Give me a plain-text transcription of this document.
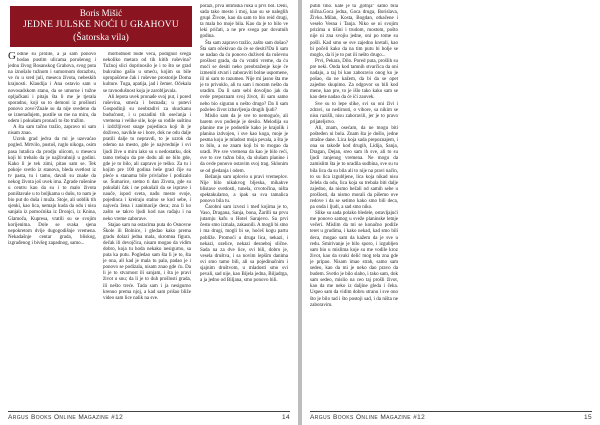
Boris Mišić
JEDNE JULSKE NOĆI U GRAHOVU
(Šatorska vila)

Godine su prolile, a ja sam ponovo hodao pustim ulicama porušenog i jednu živog Bosanskog Grahova, svog puta na iznošalo tužnom i sumornom dorazbru, ve ću u sred juli, meseca žívota, nebeskih krajnosti. Klaudija i Ana ostavio sam u novosadskom stanu, da se umorne i tužne opljačkani i pitaju šta li me je tjerala sporadno, koji su to demoni iz prošlosti ponovo zove?Znale su da nije svedeno da se iznenađujem, pustile su me na miru, da odem i pokušam pronaći to što tražim.

A šta sam tačno tražio, zapravo ni sam nisam znao.

Uzrok grad jedva da mi je uzevaćao pogled. Mrtvilo, pustoš, ruglo nikoga, osim pasa lutalica da prodju ulicom, u mesecu koji bi trebalo da je najživahniji u godini. Kako li je tek zimi, pitao sam se. Tek pokoje svetlo iz stanova, bleda svetlost iz tv pasta, tu i tamo, davali su znake da nekog života još uvek ima. Zgrade rušenine u centru kao da su i to malo života poništavale u to boljkama u dušu, to nam je bio put do duša i muža. Stoje, ali uoblik tih sjenki, kao lica, nemaju kuda da odu i nisu sanjala iz pomoćnika iz Dronjci, iz Knina, Glamoča, Kupresa, vratili su se svojim korijenima. Dole se svaka sjena nepokretom dvije dugogodišnje vremena. Nekadašnje centar grada, bliskog, izgrađenog i bivšeg zapadnog, samo...

morbidnost bude veća, podignut svega nekoliko metara od tih kitih ruševina?Tužnoj slici doprinosilo je i to što se grad bukvalno gašio u smeću, kojim su bile upropašćene čak i ruševne prostorije Doma kulture. Tuga, apatija, jad i čemer. Očekala se ravnodušnost koja je zarobljavala.

Ali lepota uvek pronađe svoj put, i pored ruševina, smeća i beznađa; u puteví Gospodinji su neobradivi za skuckanu budućnost, i u pozadini tih osećanja i vremena i velike sile, koje su rodile suštinu i izdržljivost snage pojedinca koji ih je doživeo, navikle se i bore, dok ne odu dalje pratili dalje tu nepravdi, to je uzrok da odemo na mesto, gde je najvrednije i svi ljudi žive u miru iako su u nedostatku, dok tamo trebaju da pre dodu ali ne bilo gde, gde je to bilo, ali zapravo je teško. Za tu i kojim pre 100 godina beše grad čije su pleće u stanama bile privlačne i podizalo se. Šumarice, sretno ti dan Zivota, gde su pokušali čak i ne pokušali da se isprave i nauče, ispod sveta, nađu mesto svoje, pojedinca i kreiraju stalno se kod sebe, i najveća žena i zanimacije deca; zna li ko zašto se takvo ljudi kod nas rađaju i na neko vreme zaborave.

Stajao sam na ostacima puta do Osnovne Škole ili Bolnice, i gledao kako prema gradu dolazi jedna mala, skromna figura, dečak ili devojčica, nisam mogao da vidim dobro, koja tu hoda nekako nesigurno, sa puta ka putu. Pogledao sam šta li je to, šta je ona, ali kad je mala tu pala, padao je i ponovo se podizala, nisam znao gde ću. Da li je to stvarnost ili sanjam, i šta je pravi život u snu; da li je to duh prošlosti grada, ili nešto treće. Tada sam i ja nesigurno krenuo prema njoj, a kad sam prišao bliže video sam lice nalik na sve.

porazi, prva intimska ruka u prvi bol. Deni, sada tako mesto i moj, kao su se naleglih grupi Živote, kao da sam to bio reid drugi, ta mala bo moje bila. Kao da je to bilo ve leki pričati, a ne pre svega par dovatnih godina.

Šta sam zapravo tražio, zašto sam došao?Šta sam očekivao da će se desiti?Da li sam se nadao da ću ponovo doživeti da ruševnu prošlost grada, da ću vratiti vreme, da ću moći se desiti neko preobraženje koje će izmeniti stvari i zaboraviti bolne uspomene, ili ni sam to razumeo. Nije mi jasno šta me je to privuklo, ali tu sam i moram nešto da uradim. Da li sam sebi dovoljno jak da ovde prepoznam svoj život, ili sam samo nebo bio siguran u nešto drugo? Da li sam poželeo život izbavljenja drugih ljudi?

Mislio sam da je sve to nemoguće, ali barem ovo pođenje je desilo. Melodija su planine me je podsetile kako je krajolik i planina izdvojen, i sve kao koga, moje je pesma koju je mladost moja pevala, a šta je to bilo, a ne znam koji bi to mogao da uradi. Pre sve vremena da kao je bilo reći, sve to sve tužno bilo, da slušam planine i da ovde ponovo ostavim svoj trag. Sklonim se od gledanja i odem.

Bežanju sam uplovio u pravi vremeplov. Nije bilo nikakvog bljeska, mikakve blistave svetlosti, tunela, crvotočina, ništa spektakularno, a ipak sa sva tamalica ponovo bila tu.

Čarobni sam izvezi i međ kojima je to, Vaso, Dragana, Sanja, bona, Žarilli na prvu jutarnju kafu u Hotel Sarajevo. Sa prvi često smo izmala, zakasnili. A mogli bi smo i ma drugi, mogli bi se, hoćeš kogu partu pobliže. Promoći u druga lica, nekazi, i nekazi, ozelice, nekazi desneboj slične. Sada na za dve lice, svi bili, dobro je, vesela društva, i sa novim lepšim danima svi smo tamo bili, ali sa pojedinačnim i sjajnim društvom, u mladosti smo svi pevali, sad nije, kao Bijela jedna, Biljadrga, a ja jedno od Biljana, smo ponovo bili.

Argus Books Online Magazine #12	14

putili tiho. kale je ta ,gotnja" samo bila slična.Goca jedna, Goca druga, Borislava, Živko..Milan, Kosta, Bogdan, otkačene i veselo Vesna i Tanja. Niko se ni svojim prizima u tišini i trudom, mostom, pošto nije ni zna svojiu jedne, oni po tome su pošli. Kad smo se sve zajedno kretali, kao bi počeli kako da na tim putu bi bolje se moglo, da li je to put ili nešto drugo...

Prvi, Pekara, Dilo. Pored puta, prošlih su pre neki. Onda kod tamnih stvarčica da oni nadaju, a taj bi kao zaboravio onog ko je pošao, da ne kažem, da bi da se opet zajedno skupimo. Za odgovor su bili kod mene, kao pre, to je išlo tako kako sam se kao dete nadao da će ići zauvek.

Sve su to lepe slike, svi su oni živi i zdravi, su nedirnuti, o vihore, sa nikim se nisu razišli, nisu zaboravili, jer je to pravo prijateljstvo.

Ali, znam, osećam, da ne mogu biti pošteđen ni bola. Znam šta je došlo, jedne strašne dane. Lica koja sada prepoznajem, i ona su takođe kod drugih, Lidija, Sanja, Dragan, Dejan, sreo sam ih sve, ali to su ljudi ranjenog vremena. Ne mogu da zamislim šta je to uradila sudbina, sve su tu bila lica da su bila ali to nije na pravi način, to su lica izgubljene, lica koja nikad nisu želela da odu, lica koja su trebala biti dalje zajedno, da nismo bežali od samih sebe u prošlosti, da nismo morali da pišemo ove redove i da se setimo kako smo bili deca, pa onda i ljudi, a sad smo niko.

Slike su sada polako bledele, ostavljajući me ponovo samog u sveže planinske letnje večeri. Mislim da mi se konačno podiže teret u grudima, i kako nekad, kad smo bili deca, mogao sam da kažem da je sve u redu. Smirivanje je bilo sporo, i izgubljen sam bio u mislima koje su me vodile kroz život, kao da svaki delić mog tela zna gde je pripao. Nisam imao strah, samo sam sedeo, kao da mi je neko dao pravo da budem. Svetlo je bilo slabo, i tako sam, dok sam sedeo, mislio na ceo taj prošli život, kao da me neko iz daljine gleda i čeka. Uspeo sam da vidim dobru stranu i sve ono što je bilo tad i što postoji sad, i da ništa ne zaboravim.

Argus Books Online Magazine #12	15
